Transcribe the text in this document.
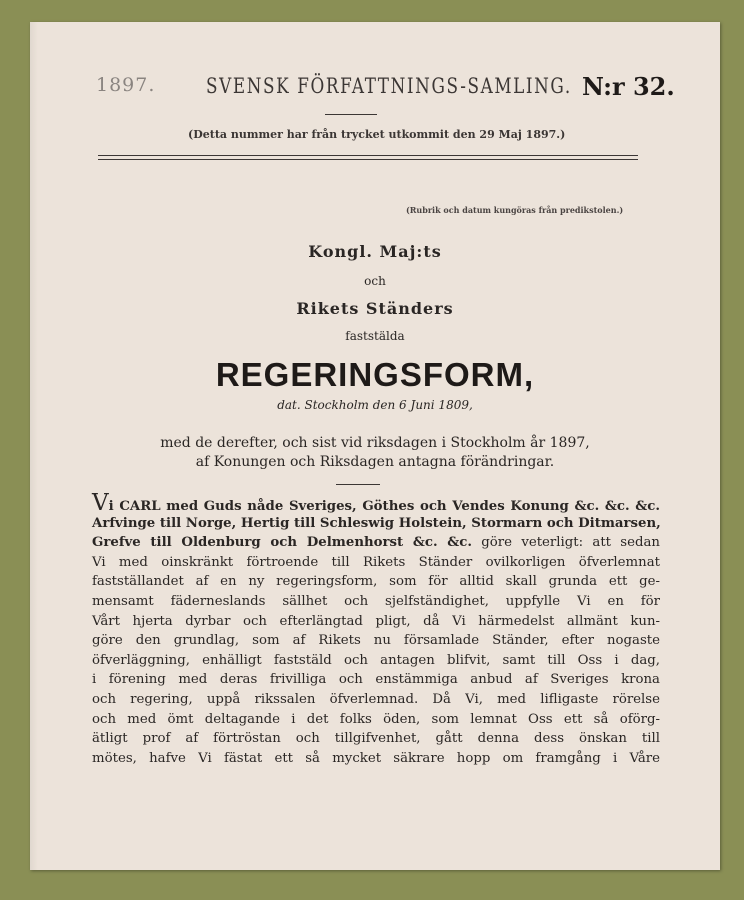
1897. SVENSK FÖRFATTNINGS-SAMLING. N:r 32.
(Detta nummer har från trycket utkommit den 29 Maj 1897.)
(Rubrik och datum kungöras från predikstolen.)
Kongl. Maj:ts
och
Rikets Ständers
faststälda
REGERINGSFORM,
dat. Stockholm den 6 Juni 1809,
med de derefter, och sist vid riksdagen i Stockholm år 1897,
af Konungen och Riksdagen antagna förändringar.
Vi CARL med Guds nåde Sveriges, Göthes och Vendes Konung &c. &c. &c.
Arfvinge till Norge, Hertig till Schleswig Holstein, Stormarn och Ditmarsen,
Grefve till Oldenburg och Delmenhorst &c. &c. göre veterligt: att sedan
Vi med oinskränkt förtroende till Rikets Ständer ovilkorligen öfverlemnat
fastställandet af en ny regeringsform, som för alltid skall grunda ett ge-
mensamt fäderneslands sällhet och sjelfständighet, uppfylle Vi en för
Vårt hjerta dyrbar och efterlängtad pligt, då Vi härmedelst allmänt kun-
göre den grundlag, som af Rikets nu församlade Ständer, efter nogaste
öfverläggning, enhälligt faststäld och antagen blifvit, samt till Oss i dag,
i förening med deras frivilliga och enstämmiga anbud af Sveriges krona
och regering, uppå rikssalen öfverlemnad. Då Vi, med lifligaste rörelse
och med ömt deltagande i det folks öden, som lemnat Oss ett så oförg-
ätligt prof af förtröstan och tillgifvenhet, gått denna dess önskan till
mötes, hafve Vi fästat ett så mycket säkrare hopp om framgång i Våre
